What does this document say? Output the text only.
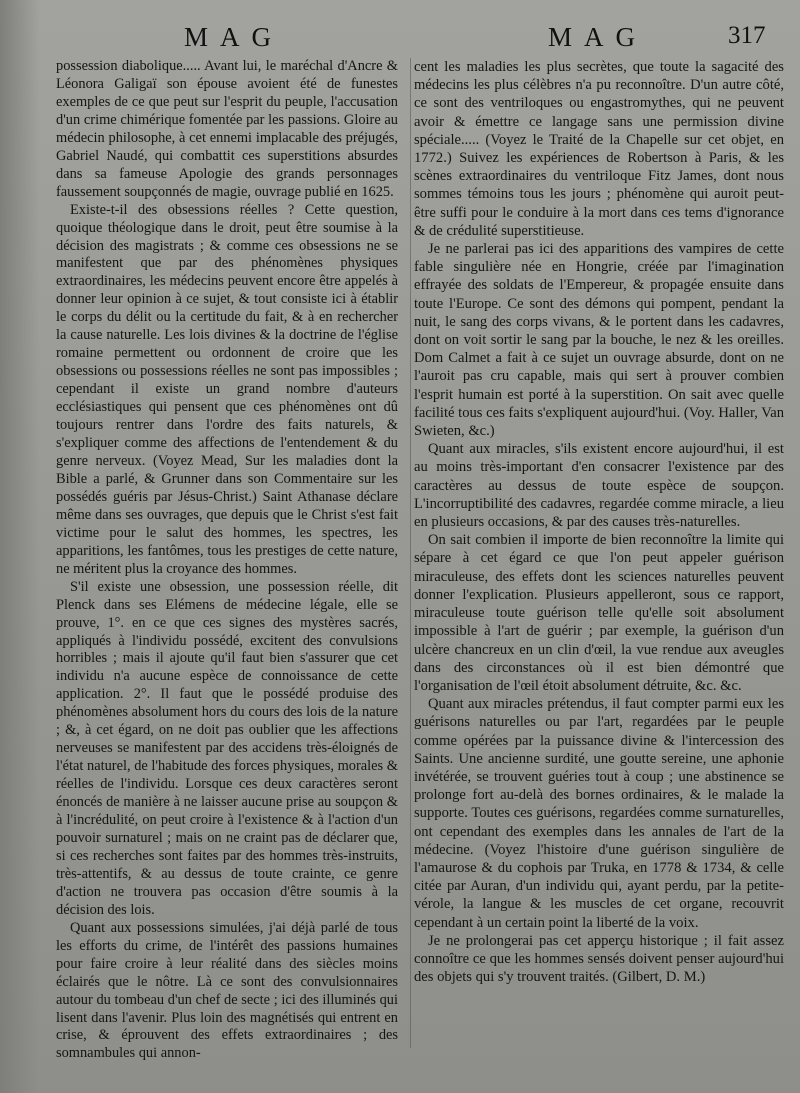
MAG	MAG	317

possession diabolique..... Avant lui, le maréchal d'Ancre & Léonora Galigaï son épouse avoient été de funestes exemples de ce que peut sur l'esprit du peuple, l'accusation d'un crime chimérique fomentée par les passions. Gloire au médecin philosophe, à cet ennemi implacable des préjugés, Gabriel Naudé, qui combattit ces superstitions absurdes dans sa fameuse Apologie des grands personnages faussement soupçonnés de magie, ouvrage publié en 1625.

Existe-t-il des obsessions réelles ? Cette question, quoique théologique dans le droit, peut être soumise à la décision des magistrats ; & comme ces obsessions ne se manifestent que par des phénomènes physiques extraordinaires, les médecins peuvent encore être appelés à donner leur opinion à ce sujet, & tout consiste ici à établir le corps du délit ou la certitude du fait, & à en rechercher la cause naturelle. Les lois divines & la doctrine de l'église romaine permettent ou ordonnent de croire que les obsessions ou possessions réelles ne sont pas impossibles ; cependant il existe un grand nombre d'auteurs ecclésiastiques qui pensent que ces phénomènes ont dû toujours rentrer dans l'ordre des faits naturels, & s'expliquer comme des affections de l'entendement & du genre nerveux. (Voyez Mead, Sur les maladies dont la Bible a parlé, & Grunner dans son Commentaire sur les possédés guéris par Jésus-Christ.) Saint Athanase déclare même dans ses ouvrages, que depuis que le Christ s'est fait victime pour le salut des hommes, les spectres, les apparitions, les fantômes, tous les prestiges de cette nature, ne méritent plus la croyance des hommes.

S'il existe une obsession, une possession réelle, dit Plenck dans ses Elémens de médecine légale, elle se prouve, 1°. en ce que ces signes des mystères sacrés, appliqués à l'individu possédé, excitent des convulsions horribles ; mais il ajoute qu'il faut bien s'assurer que cet individu n'a aucune espèce de connoissance de cette application. 2°. Il faut que le possédé produise des phénomènes absolument hors du cours des lois de la nature ; &, à cet égard, on ne doit pas oublier que les affections nerveuses se manifestent par des accidens très-éloignés de l'état naturel, de l'habitude des forces physiques, morales & réelles de l'individu. Lorsque ces deux caractères seront énoncés de manière à ne laisser aucune prise au soupçon & à l'incrédulité, on peut croire à l'existence & à l'action d'un pouvoir surnaturel ; mais on ne craint pas de déclarer que, si ces recherches sont faites par des hommes très-instruits, très-attentifs, & au dessus de toute crainte, ce genre d'action ne trouvera pas occasion d'être soumis à la décision des lois.

Quant aux possessions simulées, j'ai déjà parlé de tous les efforts du crime, de l'intérêt des passions humaines pour faire croire à leur réalité dans des siècles moins éclairés que le nôtre. Là ce sont des convulsionnaires autour du tombeau d'un chef de secte ; ici des illuminés qui lisent dans l'avenir. Plus loin des magnétisés qui entrent en crise, & éprouvent des effets extraordinaires ; des somnambules qui annon-

cent les maladies les plus secrètes, que toute la sagacité des médecins les plus célèbres n'a pu reconnoître. D'un autre côté, ce sont des ventriloques ou engastromythes, qui ne peuvent avoir & émettre ce langage sans une permission divine spéciale..... (Voyez le Traité de la Chapelle sur cet objet, en 1772.) Suivez les expériences de Robertson à Paris, & les scènes extraordinaires du ventriloque Fitz James, dont nous sommes témoins tous les jours ; phénomène qui auroit peut-être suffi pour le conduire à la mort dans ces tems d'ignorance & de crédulité superstitieuse.

Je ne parlerai pas ici des apparitions des vampires de cette fable singulière née en Hongrie, créée par l'imagination effrayée des soldats de l'Empereur, & propagée ensuite dans toute l'Europe. Ce sont des démons qui pompent, pendant la nuit, le sang des corps vivans, & le portent dans les cadavres, dont on voit sortir le sang par la bouche, le nez & les oreilles. Dom Calmet a fait à ce sujet un ouvrage absurde, dont on ne l'auroit pas cru capable, mais qui sert à prouver combien l'esprit humain est porté à la superstition. On sait avec quelle facilité tous ces faits s'expliquent aujourd'hui. (Voy. Haller, Van Swieten, &c.)

Quant aux miracles, s'ils existent encore aujourd'hui, il est au moins très-important d'en consacrer l'existence par des caractères au dessus de toute espèce de soupçon. L'incorruptibilité des cadavres, regardée comme miracle, a lieu en plusieurs occasions, & par des causes très-naturelles.

On sait combien il importe de bien reconnoître la limite qui sépare à cet égard ce que l'on peut appeler guérison miraculeuse, des effets dont les sciences naturelles peuvent donner l'explication. Plusieurs appelleront, sous ce rapport, miraculeuse toute guérison telle qu'elle soit absolument impossible à l'art de guérir ; par exemple, la guérison d'un ulcère chancreux en un clin d'œil, la vue rendue aux aveugles dans des circonstances où il est bien démontré que l'organisation de l'œil étoit absolument détruite, &c. &c.

Quant aux miracles prétendus, il faut compter parmi eux les guérisons naturelles ou par l'art, regardées par le peuple comme opérées par la puissance divine & l'intercession des Saints. Une ancienne surdité, une goutte sereine, une aphonie invétérée, se trouvent guéries tout à coup ; une abstinence se prolonge fort au-delà des bornes ordinaires, & le malade la supporte. Toutes ces guérisons, regardées comme surnaturelles, ont cependant des exemples dans les annales de l'art de la médecine. (Voyez l'histoire d'une guérison singulière de l'amaurose & du cophois par Truka, en 1778 & 1734, & celle citée par Auran, d'un individu qui, ayant perdu, par la petite-vérole, la langue & les muscles de cet organe, recouvrit cependant à un certain point la liberté de la voix.

Je ne prolongerai pas cet apperçu historique ; il fait assez connoître ce que les hommes sensés doivent penser aujourd'hui des objets qui s'y trouvent traités. (Gilbert, D. M.)
